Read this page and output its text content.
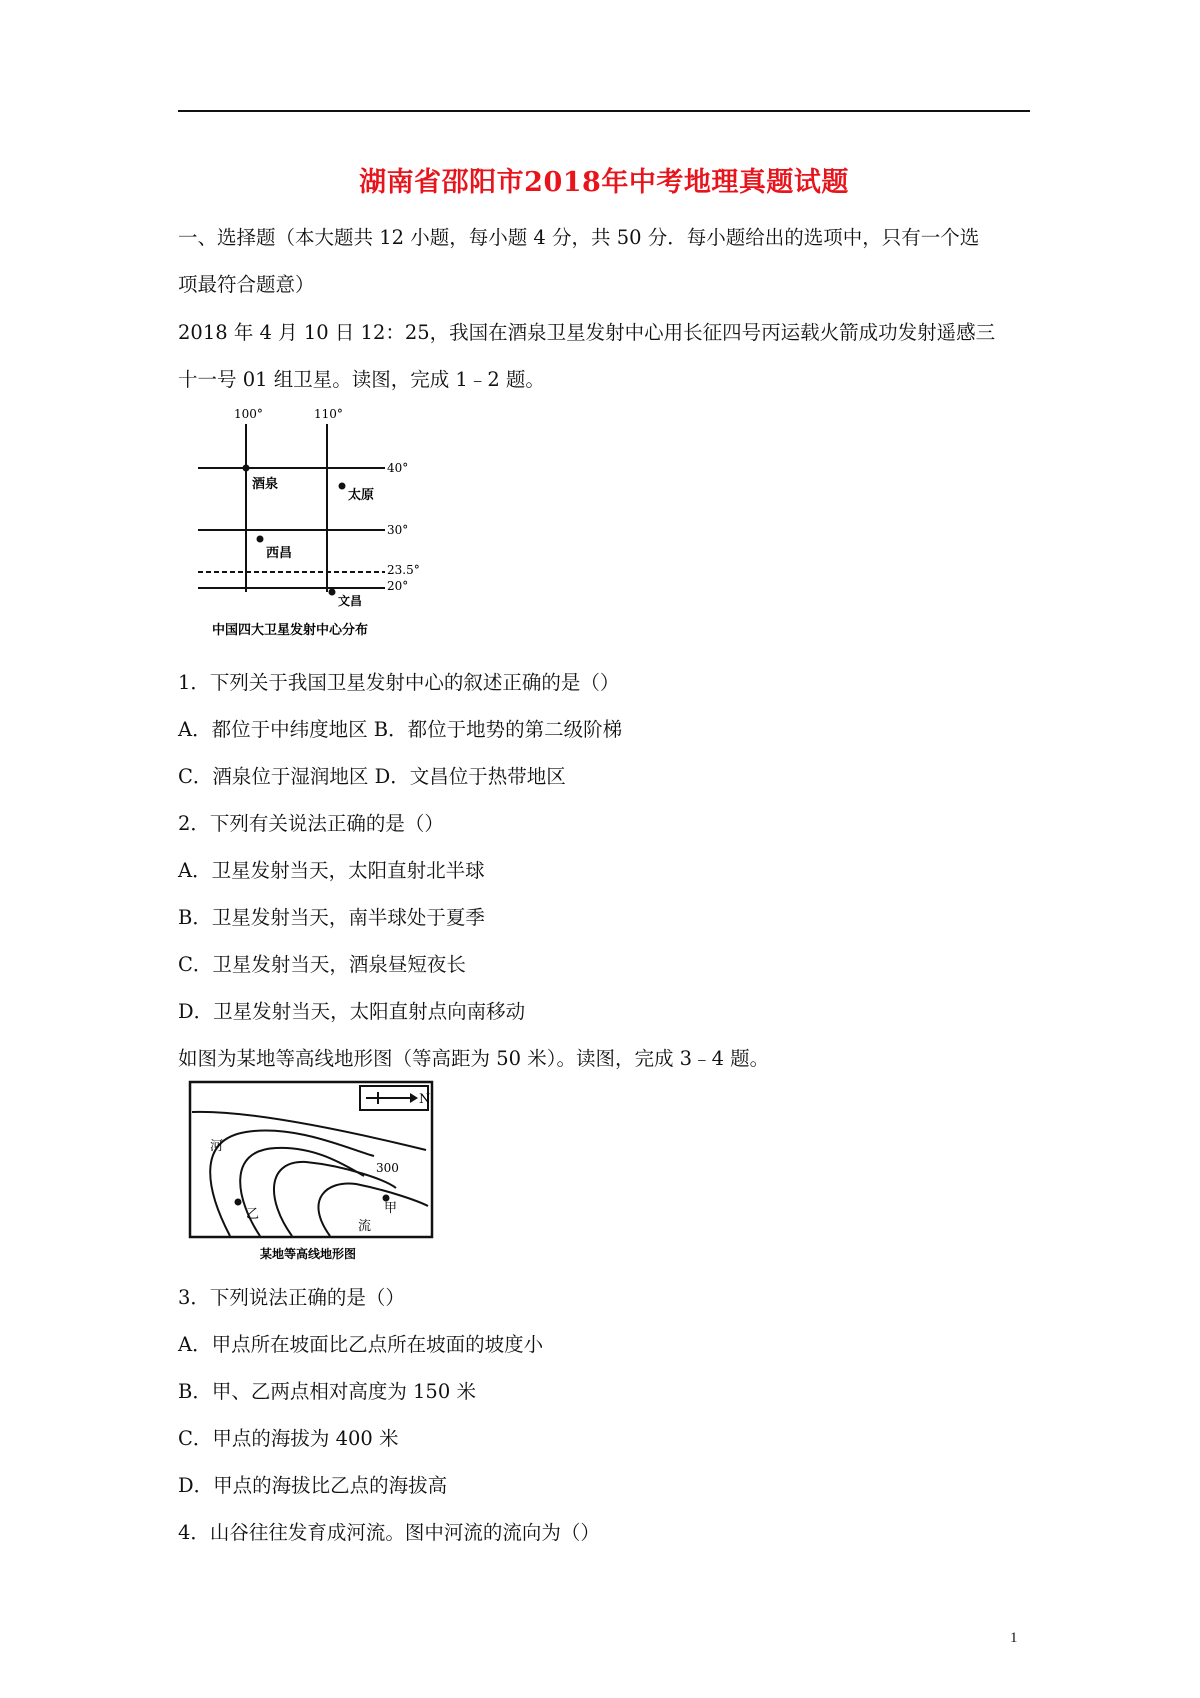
湖南省邵阳市2018年中考地理真题试题
一、选择题（本大题共 12 小题，每小题 4 分，共 50 分．每小题给出的选项中，只有一个选
项最符合题意）
2018 年 4 月 10 日 12：25，我国在酒泉卫星发射中心用长征四号丙运载火箭成功发射遥感三
十一号 01 组卫星。读图，完成 1﹣2 题。
100°	110°
40°
30°
23.5°
20°
酒泉
太原
西昌
文昌
中国四大卫星发射中心分布
1．下列关于我国卫星发射中心的叙述正确的是（）
A．都位于中纬度地区 B．都位于地势的第二级阶梯
C．酒泉位于湿润地区 D．文昌位于热带地区
2．下列有关说法正确的是（）
A．卫星发射当天，太阳直射北半球
B．卫星发射当天，南半球处于夏季
C．卫星发射当天，酒泉昼短夜长
D．卫星发射当天，太阳直射点向南移动
如图为某地等高线地形图（等高距为 50 米）。读图，完成 3﹣4 题。
N
300
河
流
甲
乙
某地等高线地形图
3．下列说法正确的是（）
A．甲点所在坡面比乙点所在坡面的坡度小
B．甲、乙两点相对高度为 150 米
C．甲点的海拔为 400 米
D．甲点的海拔比乙点的海拔高
4．山谷往往发育成河流。图中河流的流向为（）
1
